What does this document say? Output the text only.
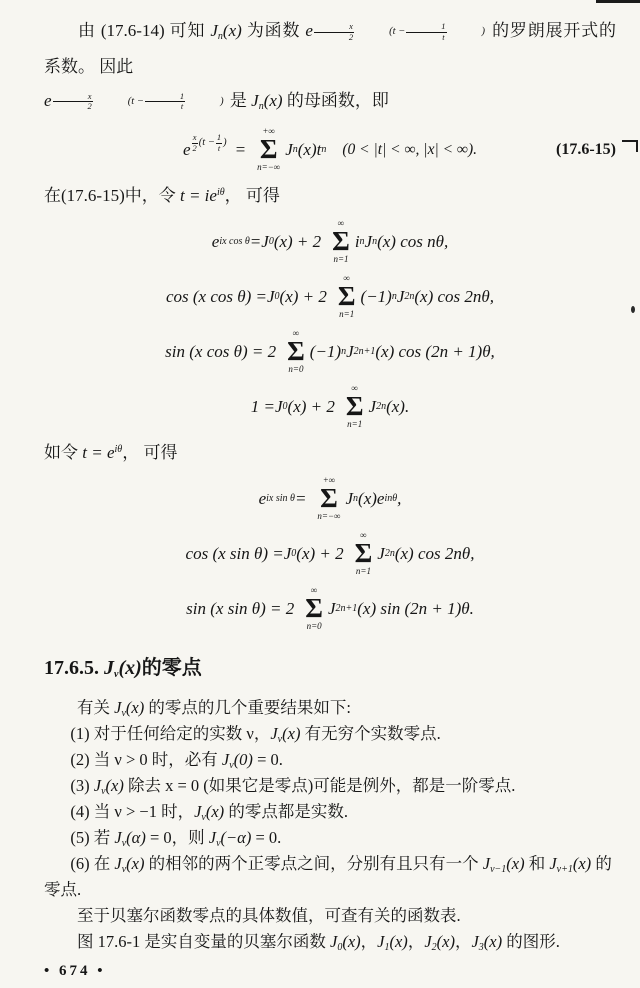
由 (17.6-14) 可知 $J_n(x)$ 为函数 e $\frac{x}{2}$	($t - \frac{1}{t}$	) 的罗朗展开式的系数。 因此
e $\frac{x}{2}$	($t - \frac{1}{t}$	) 是 $J_n(x)$ 的母函数，即

e $\frac{x}{2} (t - \frac{1}{t}$ ) =
+∞
Σ
n=−∞
J n (x)t n (0 < |t| < ∞, |x| < ∞).	(17.6-15)

在(17.6-15)中，令 $t = ie^{i\theta}$， 可得

e ix cos θ = J 0 (x) + 2
∞
Σ
n=1
i n J n (x) cos nθ,
cos (x cos θ) = J 0 (x) + 2
∞
Σ
n=1
(−1) n J 2n (x) cos 2nθ,
sin (x cos θ) = 2
∞
Σ
n=0
(−1) n J 2n+1 (x) cos (2n + 1)θ,
1 = J 0 (x) + 2
∞
Σ
n=1
J 2n (x).

如令 $t = e^{i\theta}$， 可得

e ix sin θ =
+∞
Σ
n=−∞
J n (x)e inθ ,
cos (x sin θ) = J 0 (x) + 2
∞
Σ
n=1
J 2n (x) cos 2nθ,
sin (x sin θ) = 2
∞
Σ
n=0
J 2n+1 (x) sin (2n + 1)θ.
17.6.5. $J_\nu(x)$的零点

有关 $J_\nu(x)$ 的零点的几个重要结果如下:

(1) 对于任何给定的实数 ν，$J_\nu(x)$ 有无穷个实数零点.

(2) 当 ν > 0 时，必有 $J_\nu(0) = 0$.

(3) $J_\nu(x)$ 除去 x = 0 (如果它是零点)可能是例外，都是一阶零点.

(4) 当 ν > −1 时，$J_\nu(x)$ 的零点都是实数.

(5) 若 $J_\nu(\alpha) = 0$，则 $J_\nu(-\alpha) = 0$.

(6) 在 $J_\nu(x)$ 的相邻的两个正零点之间，分别有且只有一个 $J_{\nu-1}(x)$ 和 $J_{\nu+1}(x)$ 的零点.

至于贝塞尔函数零点的具体数值，可查有关的函数表.

图 17.6-1 是实自变量的贝塞尔函数 $J_0(x)$，$J_1(x)$，$J_2(x)$，$J_3(x)$ 的图形.

• 674 •
